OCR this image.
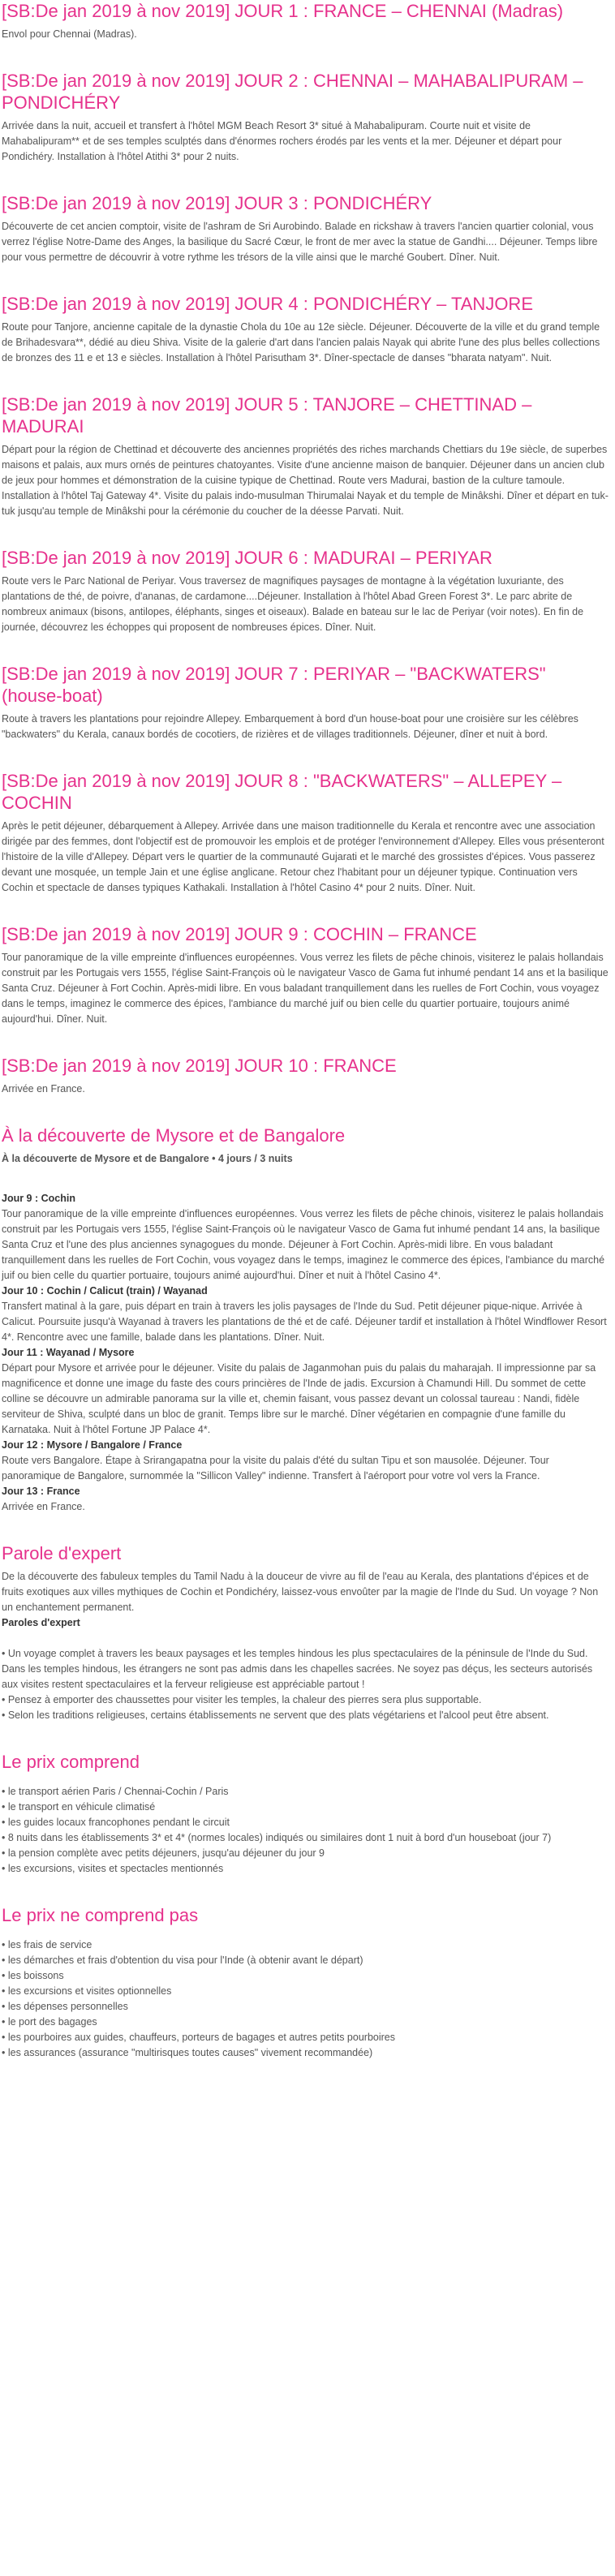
[SB:De jan 2019 à nov 2019] JOUR 1 : FRANCE – CHENNAI (Madras)

Envol pour Chennai (Madras).

[SB:De jan 2019 à nov 2019] JOUR 2 : CHENNAI – MAHABALIPURAM – PONDICHÉRY

Arrivée dans la nuit, accueil et transfert à l'hôtel MGM Beach Resort 3* situé à Mahabalipuram. Courte nuit et visite de Mahabalipuram** et de ses temples sculptés dans d'énormes rochers érodés par les vents et la mer. Déjeuner et départ pour Pondichéry. Installation à l'hôtel Atithi 3* pour 2 nuits.

[SB:De jan 2019 à nov 2019] JOUR 3 : PONDICHÉRY

Découverte de cet ancien comptoir, visite de l'ashram de Sri Aurobindo. Balade en rickshaw à travers l'ancien quartier colonial, vous verrez l'église Notre-Dame des Anges, la basilique du Sacré Cœur, le front de mer avec la statue de Gandhi.... Déjeuner. Temps libre pour vous permettre de découvrir à votre rythme les trésors de la ville ainsi que le marché Goubert. Dîner. Nuit.

[SB:De jan 2019 à nov 2019] JOUR 4 : PONDICHÉRY – TANJORE

Route pour Tanjore, ancienne capitale de la dynastie Chola du 10e au 12e siècle. Déjeuner. Découverte de la ville et du grand temple de Brihadesvara**, dédié au dieu Shiva. Visite de la galerie d'art dans l'ancien palais Nayak qui abrite l'une des plus belles collections de bronzes des 11 e et 13 e siècles. Installation à l'hôtel Parisutham 3*. Dîner-spectacle de danses "bharata natyam". Nuit.

[SB:De jan 2019 à nov 2019] JOUR 5 : TANJORE – CHETTINAD – MADURAI

Départ pour la région de Chettinad et découverte des anciennes propriétés des riches marchands Chettiars du 19e siècle, de superbes maisons et palais, aux murs ornés de peintures chatoyantes. Visite d'une ancienne maison de banquier. Déjeuner dans un ancien club de jeux pour hommes et démonstration de la cuisine typique de Chettinad. Route vers Madurai, bastion de la culture tamoule. Installation à l'hôtel Taj Gateway 4*. Visite du palais indo-musulman Thirumalai Nayak et du temple de Minâkshi. Dîner et départ en tuk-tuk jusqu'au temple de Minâkshi pour la cérémonie du coucher de la déesse Parvati. Nuit.

[SB:De jan 2019 à nov 2019] JOUR 6 : MADURAI – PERIYAR

Route vers le Parc National de Periyar. Vous traversez de magnifiques paysages de montagne à la végétation luxuriante, des plantations de thé, de poivre, d'ananas, de cardamone....Déjeuner. Installation à l'hôtel Abad Green Forest 3*. Le parc abrite de nombreux animaux (bisons, antilopes, éléphants, singes et oiseaux). Balade en bateau sur le lac de Periyar (voir notes). En fin de journée, découvrez les échoppes qui proposent de nombreuses épices. Dîner. Nuit.

[SB:De jan 2019 à nov 2019] JOUR 7 : PERIYAR – "BACKWATERS" (house-boat)

Route à travers les plantations pour rejoindre Allepey. Embarquement à bord d'un house-boat pour une croisière sur les célèbres "backwaters" du Kerala, canaux bordés de cocotiers, de rizières et de villages traditionnels. Déjeuner, dîner et nuit à bord.

[SB:De jan 2019 à nov 2019] JOUR 8 : "BACKWATERS" – ALLEPEY – COCHIN

Après le petit déjeuner, débarquement à Allepey. Arrivée dans une maison traditionnelle du Kerala et rencontre avec une association dirigée par des femmes, dont l'objectif est de promouvoir les emplois et de protéger l'environnement d'Allepey. Elles vous présenteront l'histoire de la ville d'Allepey. Départ vers le quartier de la communauté Gujarati et le marché des grossistes d'épices. Vous passerez devant une mosquée, un temple Jain et une église anglicane. Retour chez l'habitant pour un déjeuner typique. Continuation vers Cochin et spectacle de danses typiques Kathakali. Installation à l'hôtel Casino 4* pour 2 nuits. Dîner. Nuit.

[SB:De jan 2019 à nov 2019] JOUR 9 : COCHIN – FRANCE

Tour panoramique de la ville empreinte d'influences européennes. Vous verrez les filets de pêche chinois, visiterez le palais hollandais construit par les Portugais vers 1555, l'église Saint-François où le navigateur Vasco de Gama fut inhumé pendant 14 ans et la basilique Santa Cruz. Déjeuner à Fort Cochin. Après-midi libre. En vous baladant tranquillement dans les ruelles de Fort Cochin, vous voyagez dans le temps, imaginez le commerce des épices, l'ambiance du marché juif ou bien celle du quartier portuaire, toujours animé aujourd'hui. Dîner. Nuit.

[SB:De jan 2019 à nov 2019] JOUR 10 : FRANCE

Arrivée en France.

À la découverte de Mysore et de Bangalore
À la découverte de Mysore et de Bangalore • 4 jours / 3 nuits

Jour 9 : Cochin

Tour panoramique de la ville empreinte d'influences européennes. Vous verrez les filets de pêche chinois, visiterez le palais hollandais construit par les Portugais vers 1555, l'église Saint-François où le navigateur Vasco de Gama fut inhumé pendant 14 ans, la basilique Santa Cruz et l'une des plus anciennes synagogues du monde. Déjeuner à Fort Cochin. Après-midi libre. En vous baladant tranquillement dans les ruelles de Fort Cochin, vous voyagez dans le temps, imaginez le commerce des épices, l'ambiance du marché juif ou bien celle du quartier portuaire, toujours animé aujourd'hui. Dîner et nuit à l'hôtel Casino 4*.

Jour 10 : Cochin / Calicut (train) / Wayanad

Transfert matinal à la gare, puis départ en train à travers les jolis paysages de l'Inde du Sud. Petit déjeuner pique-nique. Arrivée à Calicut. Poursuite jusqu'à Wayanad à travers les plantations de thé et de café. Déjeuner tardif et installation à l'hôtel Windflower Resort 4*. Rencontre avec une famille, balade dans les plantations. Dîner. Nuit.

Jour 11 : Wayanad / Mysore

Départ pour Mysore et arrivée pour le déjeuner. Visite du palais de Jaganmohan puis du palais du maharajah. Il impressionne par sa magnificence et donne une image du faste des cours princières de l'Inde de jadis. Excursion à Chamundi Hill. Du sommet de cette colline se découvre un admirable panorama sur la ville et, chemin faisant, vous passez devant un colossal taureau : Nandi, fidèle serviteur de Shiva, sculpté dans un bloc de granit. Temps libre sur le marché. Dîner végétarien en compagnie d'une famille du Karnataka. Nuit à l'hôtel Fortune JP Palace 4*.

Jour 12 : Mysore / Bangalore / France

Route vers Bangalore. Étape à Srirangapatna pour la visite du palais d'été du sultan Tipu et son mausolée. Déjeuner. Tour panoramique de Bangalore, surnommée la "Sillicon Valley" indienne. Transfert à l'aéroport pour votre vol vers la France.

Jour 13 : France

Arrivée en France.

Parole d'expert
De la découverte des fabuleux temples du Tamil Nadu à la douceur de vivre au fil de l'eau au Kerala, des plantations d'épices et de fruits exotiques aux villes mythiques de Cochin et Pondichéry, laissez-vous envoûter par la magie de l'Inde du Sud. Un voyage ? Non un enchantement permanent.
Paroles d'expert
• Un voyage complet à travers les beaux paysages et les temples hindous les plus spectaculaires de la péninsule de l'Inde du Sud. Dans les temples hindous, les étrangers ne sont pas admis dans les chapelles sacrées. Ne soyez pas déçus, les secteurs autorisés aux visites restent spectaculaires et la ferveur religieuse est appréciable partout !
• Pensez à emporter des chaussettes pour visiter les temples, la chaleur des pierres sera plus supportable.
• Selon les traditions religieuses, certains établissements ne servent que des plats végétariens et l'alcool peut être absent.
Le prix comprend
• le transport aérien Paris / Chennai-Cochin / Paris
• le transport en véhicule climatisé
• les guides locaux francophones pendant le circuit
• 8 nuits dans les établissements 3* et 4* (normes locales) indiqués ou similaires dont 1 nuit à bord d'un houseboat (jour 7)
• la pension complète avec petits déjeuners, jusqu'au déjeuner du jour 9
• les excursions, visites et spectacles mentionnés
Le prix ne comprend pas
• les frais de service
• les démarches et frais d'obtention du visa pour l'Inde (à obtenir avant le départ)
• les boissons
• les excursions et visites optionnelles
• les dépenses personnelles
• le port des bagages
• les pourboires aux guides, chauffeurs, porteurs de bagages et autres petits pourboires
• les assurances (assurance "multirisques toutes causes" vivement recommandée)
